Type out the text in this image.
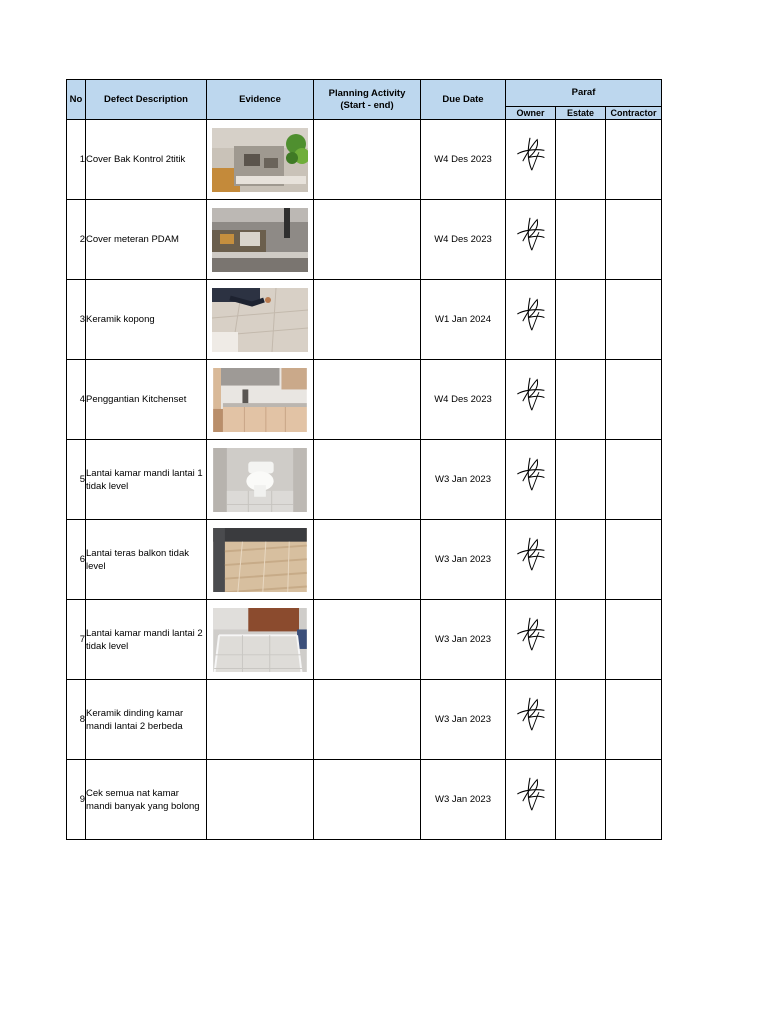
No	Defect Description	Evidence	Planning Activity
(Start - end)	Due Date	Paraf		
					Owner	Estate	Contractor
1	Cover Bak Kontrol 2titik			W4 Des 2023	

2	Cover meteran PDAM			W4 Des 2023	

3	Keramik kopong			W1 Jan 2024	

4	Penggantian Kitchenset			W4 Des 2023	

5	Lantai kamar mandi lantai 1 tidak level			W3 Jan 2023	

6	Lantai teras balkon tidak level			W3 Jan 2023	

7	Lantai kamar mandi lantai 2 tidak level			W3 Jan 2023	

8	Keramik dinding kamar mandi lantai 2 berbeda			W3 Jan 2023	

9	Cek semua nat kamar mandi banyak yang bolong			W3 Jan 2023	
